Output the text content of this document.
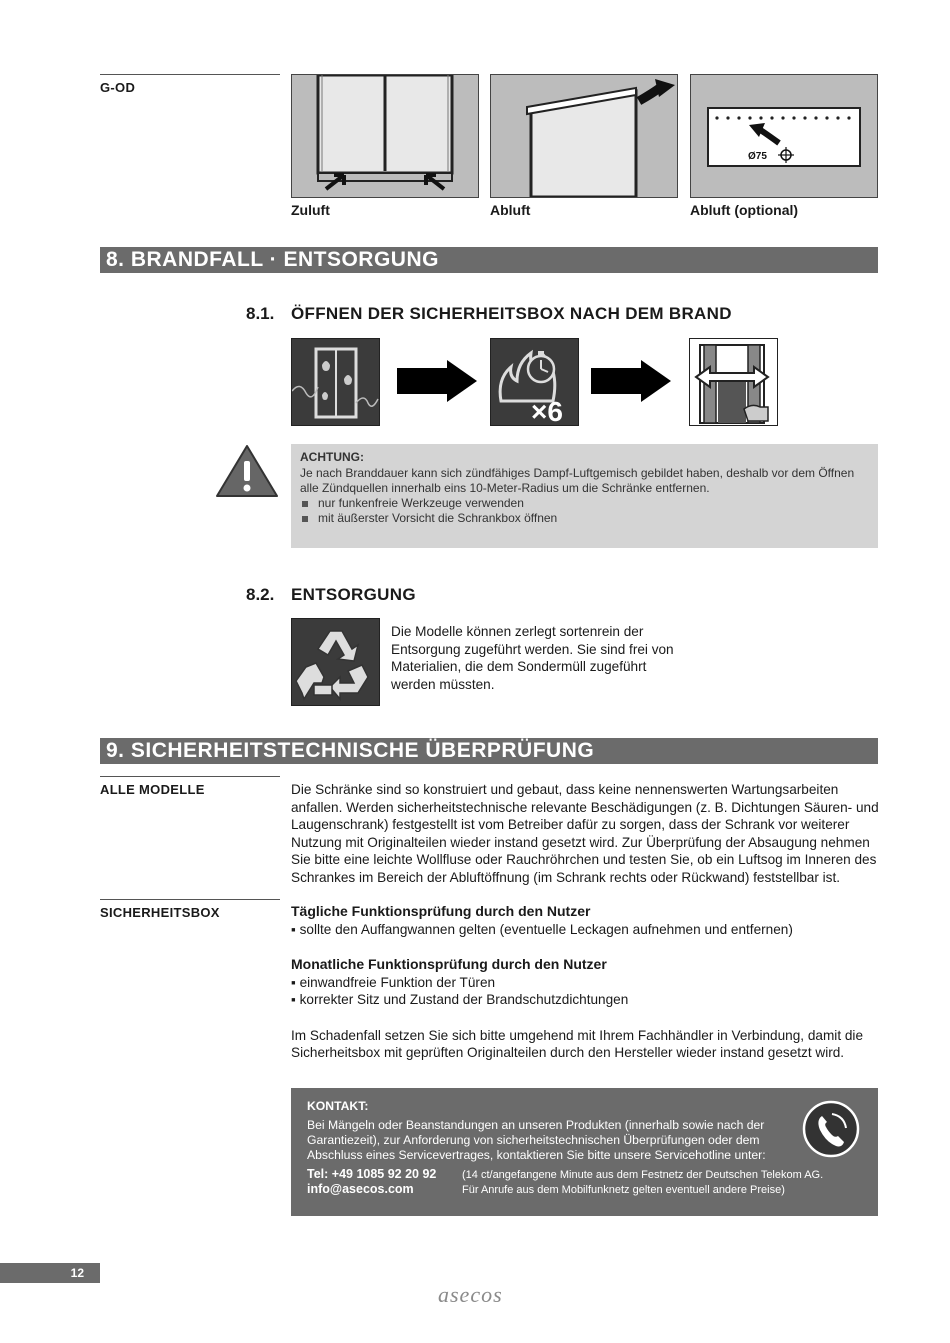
G-OD
Ø75
Zuluft	Abluft	Abluft (optional)
8. BRANDFALL · ENTSORGUNG
8.1. ÖFFNEN DER SICHERHEITSBOX NACH DEM BRAND
×6
ACHTUNG:
Je nach Branddauer kann sich zündfähiges Dampf-Luftgemisch gebildet haben, deshalb vor dem Öffnen alle Zündquellen innerhalb eins 10-Meter-Radius um die Schränke entfernen.
nur funkenfreie Werkzeuge verwenden
mit äußerster Vorsicht die Schrankbox öffnen
8.2. ENTSORGUNG
Die Modelle können zerlegt sortenrein der Entsorgung zugeführt werden. Sie sind frei von Materialien, die dem Sondermüll zugeführt werden müssten.
9. SICHERHEITSTECHNISCHE ÜBERPRÜFUNG
ALLE MODELLE	Die Schränke sind so konstruiert und gebaut, dass keine nennenswerten Wartungsarbeiten anfallen. Werden sicherheitstechnische relevante Beschädigungen (z. B. Dichtungen Säuren- und Laugenschrank) festgestellt ist vom Betreiber dafür zu sorgen, dass der Schrank vor weiterer Nutzung mit Originalteilen wieder instand gesetzt wird. Zur Überprüfung der Absaugung nehmen Sie bitte eine leichte Wollfluse oder Rauchröhrchen und testen Sie, ob ein Luftsog im Inneren des Schrankes im Bereich der Abluftöffnung (im Schrank rechts oder Rückwand) feststellbar ist.
SICHERHEITSBOX	Tägliche Funktionsprüfung durch den Nutzer
▪ sollte den Auffangwannen gelten (eventuelle Leckagen aufnehmen und entfernen)
Monatliche Funktionsprüfung durch den Nutzer
▪ einwandfreie Funktion der Türen
▪ korrekter Sitz und Zustand der Brandschutzdichtungen
Im Schadenfall setzen Sie sich bitte umgehend mit Ihrem Fachhändler in Verbindung, damit die Sicherheitsbox mit geprüften Originalteilen durch den Hersteller wieder instand gesetzt wird.
KONTAKT:
Bei Mängeln oder Beanstandungen an unseren Produkten (innerhalb sowie nach der Garantiezeit), zur Anforderung von sicherheitstechnischen Überprüfungen oder dem Abschluss eines Servicevertrages, kontaktieren Sie bitte unsere Servicehotline unter:
Tel: +49 1085 92 20 92
info@asecos.com
(14 ct/angefangene Minute aus dem Festnetz der Deutschen Telekom AG.
Für Anrufe aus dem Mobilfunknetz gelten eventuell andere Preise)
12
asecos
